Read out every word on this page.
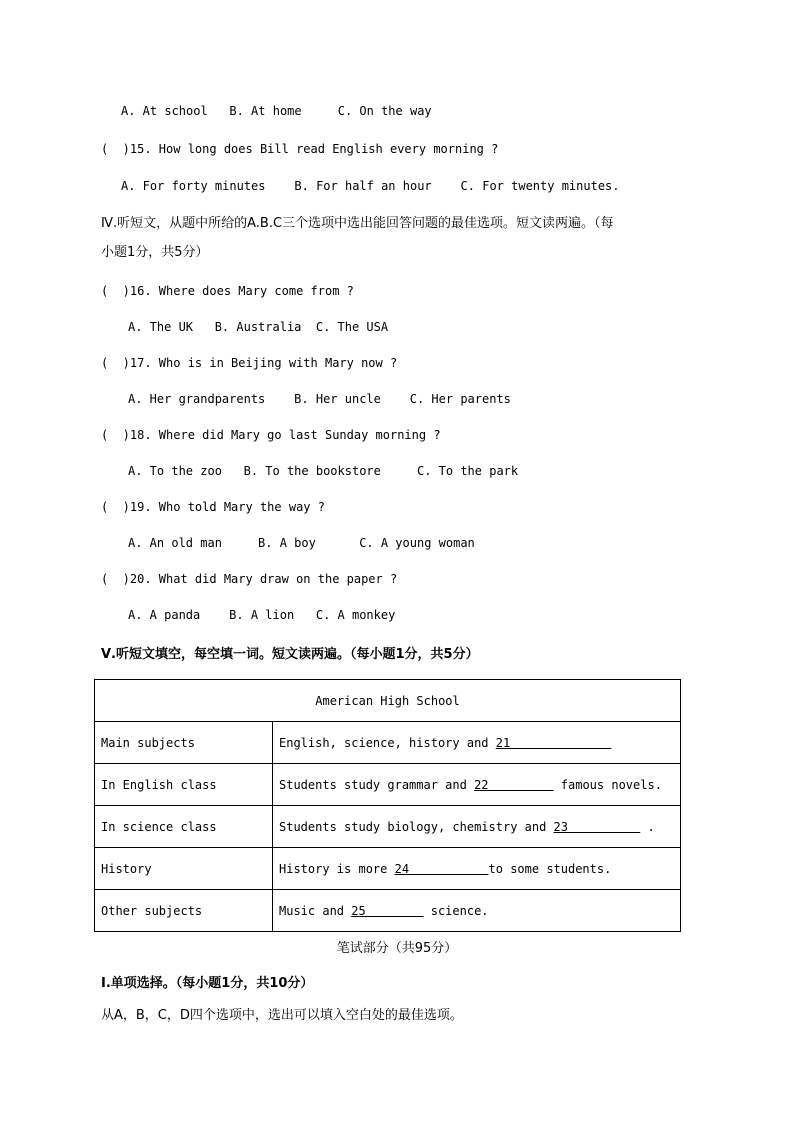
A. At school   B. At home     C. On the way
(  )15. How long does Bill read English every morning ?
A. For forty minutes    B. For half an hour    C. For twenty minutes.
Ⅳ.听短文，从题中所给的A.B.C三个选项中选出能回答问题的最佳选项。短文读两遍。（每
小题1分，共5分）
(  )16. Where does Mary come from ?
A. The UK   B. Australia  C. The USA
(  )17. Who is in Beijing with Mary now ?
A. Her grandparents    B. Her uncle    C. Her parents
(  )18. Where did Mary go last Sunday morning ?
A. To the zoo   B. To the bookstore     C. To the park
(  )19. Who told Mary the way ?
A. An old man     B. A boy      C. A young woman
(  )20. What did Mary draw on the paper ?
A. A panda    B. A lion   C. A monkey
Ⅴ.听短文填空，每空填一词。短文读两遍。（每小题1分，共5分）
American High School	
Main subjects	English, science, history and 21
In English class	Students study grammar and 22          famous novels.
In science class	Students study biology, chemistry and 23           .
History	History is more 24           to some students.
Other subjects	Music and 25         science.
笔试部分（共95分）
Ⅰ.单项选择。（每小题1分，共10分）
从A，B，C，D四个选项中，选出可以填入空白处的最佳选项。
